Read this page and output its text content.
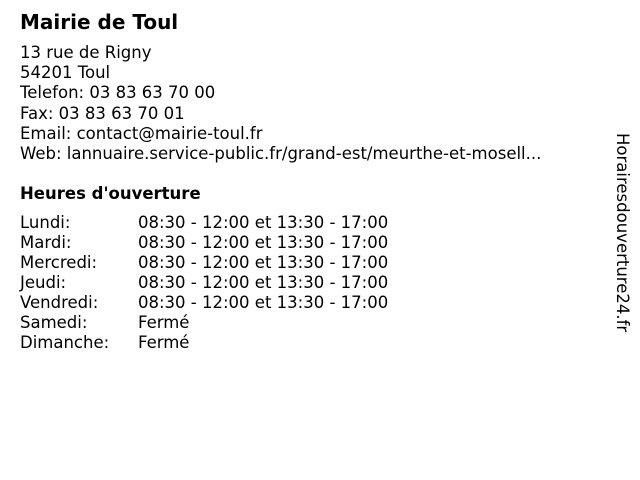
Mairie de Toul
13 rue de Rigny
54201 Toul
Telefon: 03 83 63 70 00
Fax: 03 83 63 70 01
Email: contact@mairie-toul.fr
Web: lannuaire.service-public.fr/grand-est/meurthe-et-mosell...
Heures d'ouverture
Lundi:	08:30 - 12:00 et 13:30 - 17:00
Mardi:	08:30 - 12:00 et 13:30 - 17:00
Mercredi: 08:30 - 12:00 et 13:30 - 17:00
Jeudi:	08:30 - 12:00 et 13:30 - 17:00
Vendredi: 08:30 - 12:00 et 13:30 - 17:00
Samedi:	Fermé
Dimanche: Fermé
Horairesdouverture24.fr
